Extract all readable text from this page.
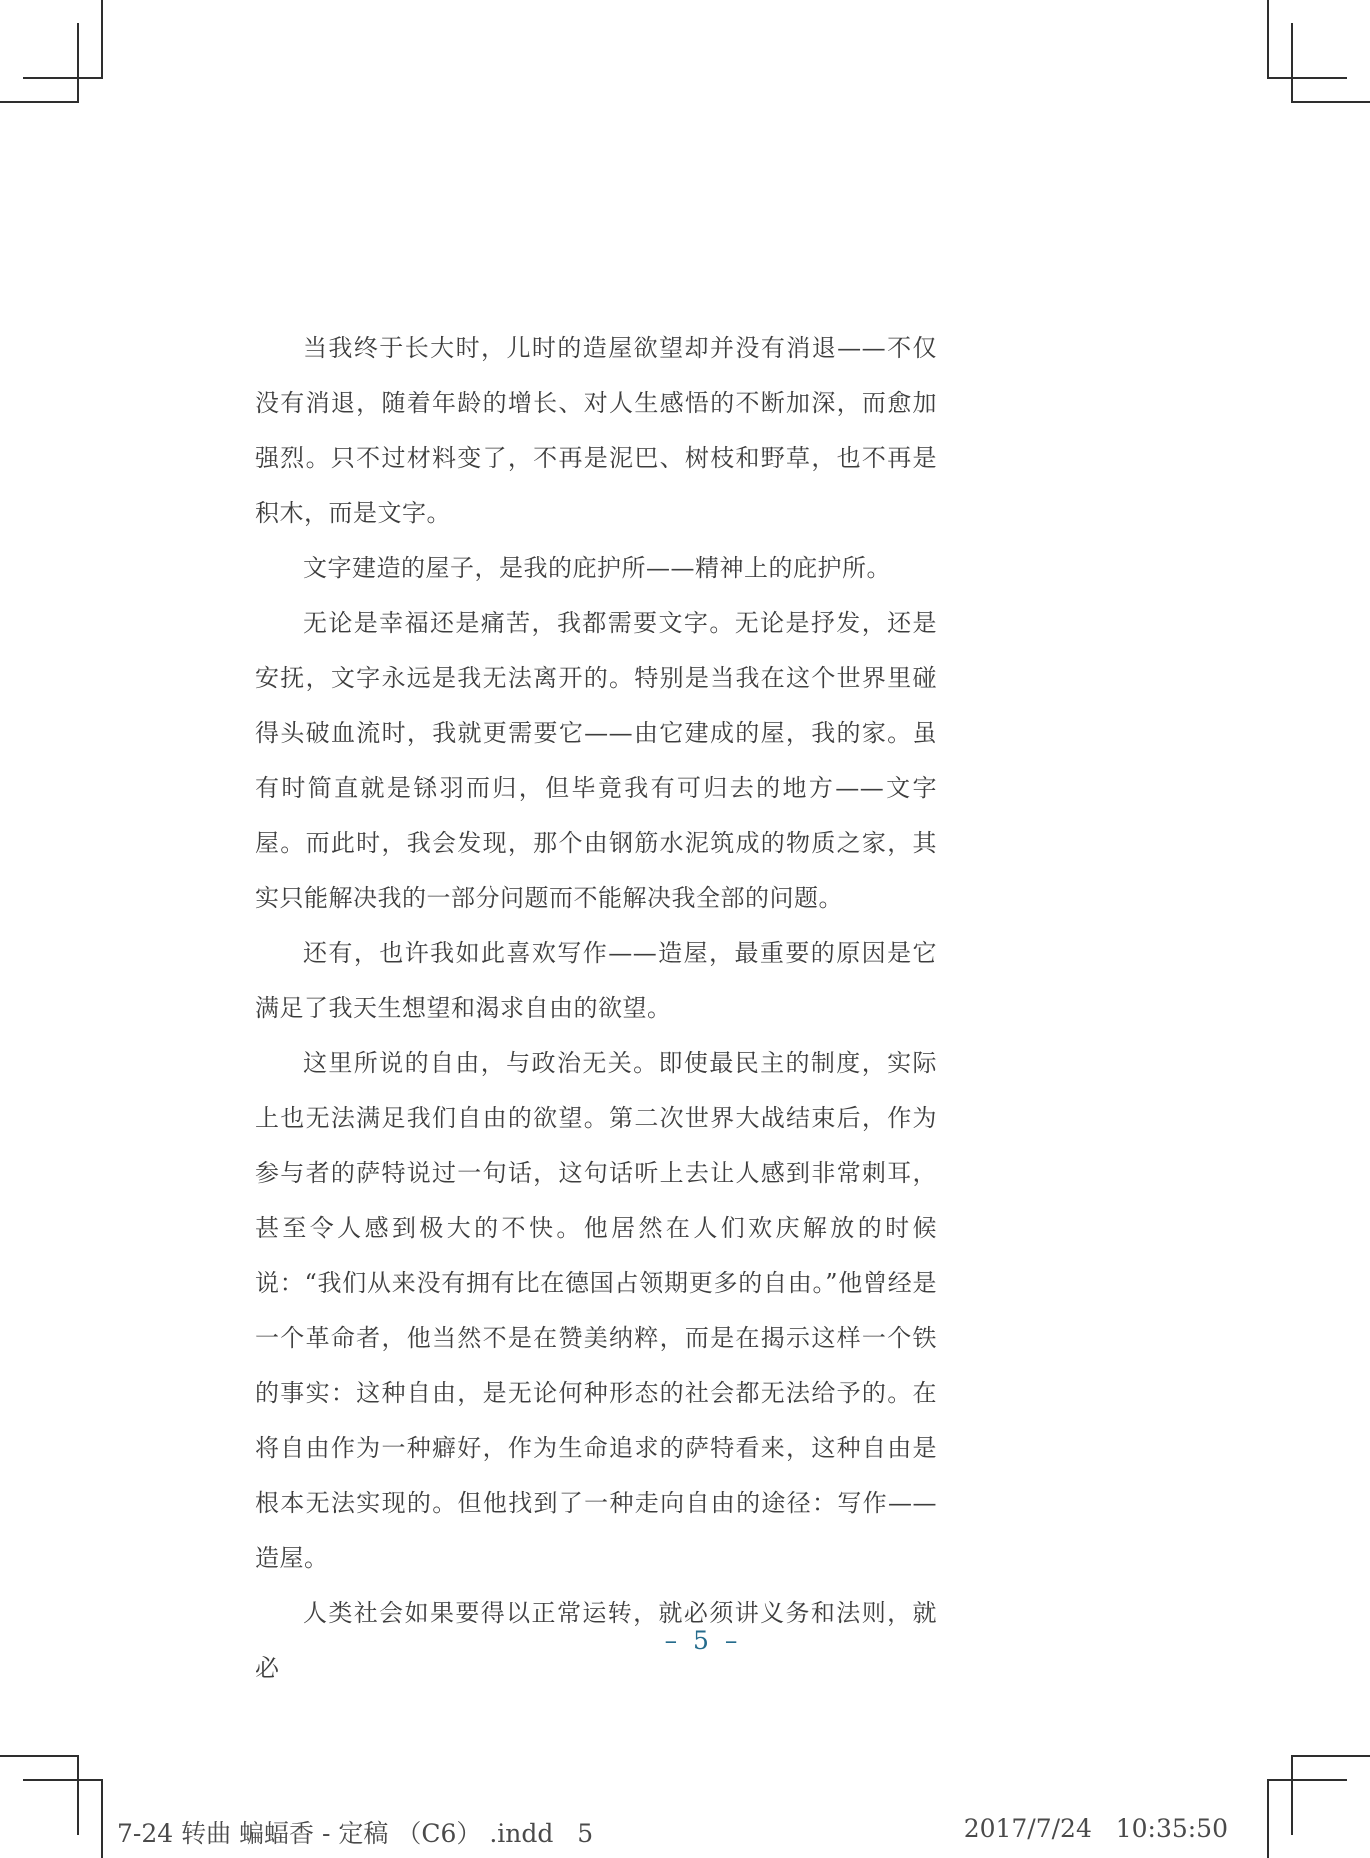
当我终于长大时，儿时的造屋欲望却并没有消退——不仅没有消退，随着年龄的增长、对人生感悟的不断加深，而愈加强烈。只不过材料变了，不再是泥巴、树枝和野草，也不再是积木，而是文字。

文字建造的屋子，是我的庇护所——精神上的庇护所。

无论是幸福还是痛苦，我都需要文字。无论是抒发，还是安抚，文字永远是我无法离开的。特别是当我在这个世界里碰得头破血流时，我就更需要它——由它建成的屋，我的家。虽有时简直就是铩羽而归，但毕竟我有可归去的地方——文字屋。而此时，我会发现，那个由钢筋水泥筑成的物质之家，其实只能解决我的一部分问题而不能解决我全部的问题。

还有，也许我如此喜欢写作——造屋，最重要的原因是它满足了我天生想望和渴求自由的欲望。

这里所说的自由，与政治无关。即使最民主的制度，实际上也无法满足我们自由的欲望。第二次世界大战结束后，作为参与者的萨特说过一句话，这句话听上去让人感到非常刺耳，甚至令人感到极大的不快。他居然在人们欢庆解放的时候说：“我们从来没有拥有比在德国占领期更多的自由。”他曾经是一个革命者，他当然不是在赞美纳粹，而是在揭示这样一个铁的事实：这种自由，是无论何种形态的社会都无法给予的。在将自由作为一种癖好，作为生命追求的萨特看来，这种自由是根本无法实现的。但他找到了一种走向自由的途径：写作——造屋。

人类社会如果要得以正常运转，就必须讲义务和法则，就必

– 5 –
7-24 转曲 蝙蝠香 - 定稿 （C6） .indd   5	2017/7/24   10:35:50
